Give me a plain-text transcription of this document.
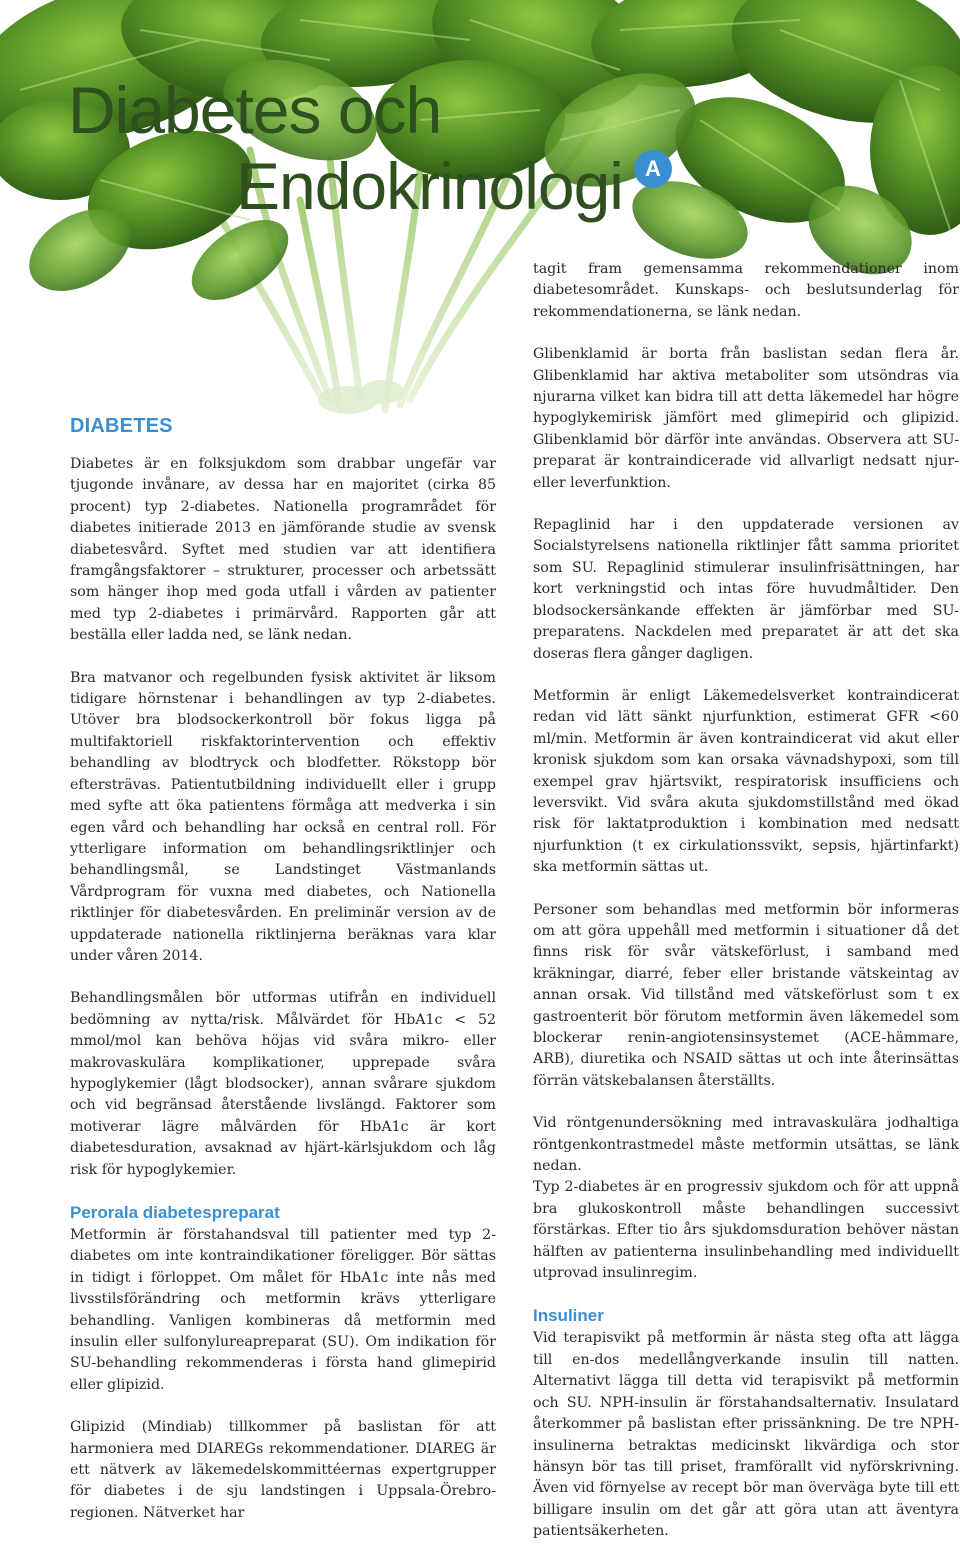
Diabetes och
Endokrinologi	A
DIABETES

Diabetes är en folksjukdom som drabbar ungefär var tjugonde invånare, av dessa har en majoritet (cirka 85 procent) typ 2-diabetes. Nationella programrådet för diabetes initierade 2013 en jämförande studie av svensk diabetesvård. Syftet med studien var att identifiera framgångsfaktorer – strukturer, processer och arbetssätt som hänger ihop med goda utfall i vården av patienter med typ 2-diabetes i primärvård. Rapporten går att beställa eller ladda ned, se länk nedan.

Bra matvanor och regelbunden fysisk aktivitet är liksom tidigare hörnstenar i behandlingen av typ 2-diabetes. Utöver bra blodsockerkontroll bör fokus ligga på multifaktoriell riskfaktorintervention och effektiv behandling av blodtryck och blodfetter. Rökstopp bör eftersträvas. Patientutbildning individuellt eller i grupp med syfte att öka patientens förmåga att medverka i sin egen vård och behandling har också en central roll. För ytterligare information om behandlingsriktlinjer och behandlingsmål, se Landstinget Västmanlands Vårdprogram för vuxna med diabetes, och Nationella riktlinjer för diabetesvården. En preliminär version av de uppdaterade nationella riktlinjerna beräknas vara klar under våren 2014.

Behandlingsmålen bör utformas utifrån en individuell bedömning av nytta/risk. Målvärdet för HbA1c < 52 mmol/mol kan behöva höjas vid svåra mikro- eller makrovaskulära komplikationer, upprepade svåra hypoglykemier (lågt blodsocker), annan svårare sjukdom och vid begränsad återstående livslängd. Faktorer som motiverar lägre målvärden för HbA1c är kort diabetesduration, avsaknad av hjärt-kärlsjukdom och låg risk för hypoglykemier.

Perorala diabetespreparat

Metformin är förstahandsval till patienter med typ 2-diabetes om inte kontraindikationer föreligger. Bör sättas in tidigt i förloppet. Om målet för HbA1c inte nås med livsstilsförändring och metformin krävs ytterligare behandling. Vanligen kombineras då metformin med insulin eller sulfonylureapreparat (SU). Om indikation för SU-behandling rekommenderas i första hand glimepirid eller glipizid.

Glipizid (Mindiab) tillkommer på baslistan för att harmoniera med DIAREGs rekommendationer. DIAREG är ett nätverk av läkemedelskommittéernas expertgrupper för diabetes i de sju landstingen i Uppsala-Örebro-regionen. Nätverket har

tagit fram gemensamma rekommendationer inom diabetesområdet. Kunskaps- och beslutsunderlag för rekommendationerna, se länk nedan.

Glibenklamid är borta från baslistan sedan flera år. Glibenklamid har aktiva metaboliter som utsöndras via njurarna vilket kan bidra till att detta läkemedel har högre hypoglykemirisk jämfört med glimepirid och glipizid. Glibenklamid bör därför inte användas. Observera att SU-preparat är kontraindicerade vid allvarligt nedsatt njur- eller leverfunktion.

Repaglinid har i den uppdaterade versionen av Socialstyrelsens nationella riktlinjer fått samma prioritet som SU. Repaglinid stimulerar insulinfrisättningen, har kort verkningstid och intas före huvudmåltider. Den blodsockersänkande effekten är jämförbar med SU-preparatens. Nackdelen med preparatet är att det ska doseras flera gånger dagligen.

Metformin är enligt Läkemedelsverket kontraindicerat redan vid lätt sänkt njurfunktion, estimerat GFR <60 ml/min. Metformin är även kontraindicerat vid akut eller kronisk sjukdom som kan orsaka vävnadshypoxi, som till exempel grav hjärtsvikt, respiratorisk insufficiens och leversvikt. Vid svåra akuta sjukdomstillstånd med ökad risk för laktatproduktion i kombination med nedsatt njurfunktion (t ex cirkulationssvikt, sepsis, hjärtinfarkt) ska metformin sättas ut.

Personer som behandlas med metformin bör informeras om att göra uppehåll med metformin i situationer då det finns risk för svår vätskeförlust, i samband med kräkningar, diarré, feber eller bristande vätskeintag av annan orsak. Vid tillstånd med vätskeförlust som t ex gastroenterit bör förutom metformin även läkemedel som blockerar renin-angiotensinsystemet (ACE-hämmare, ARB), diuretika och NSAID sättas ut och inte återinsättas förrän vätskebalansen återställts.

Vid röntgenundersökning med intravaskulära jodhaltiga röntgenkontrastmedel måste metformin utsättas, se länk nedan.

Typ 2-diabetes är en progressiv sjukdom och för att uppnå bra glukoskontroll måste behandlingen successivt förstärkas. Efter tio års sjukdomsduration behöver nästan hälften av patienterna insulinbehandling med individuellt utprovad insulinregim.

Insuliner

Vid terapisvikt på metformin är nästa steg ofta att lägga till en-dos medellångverkande insulin till natten. Alternativt lägga till detta vid terapisvikt på metformin och SU. NPH-insulin är förstahandsalternativ. Insulatard återkommer på baslistan efter prissänkning. De tre NPH-insulinerna betraktas medicinskt likvärdiga och stor hänsyn bör tas till priset, framförallt vid nyförskrivning. Även vid förnyelse av recept bör man överväga byte till ett billigare insulin om det går att göra utan att äventyra patientsäkerheten.
